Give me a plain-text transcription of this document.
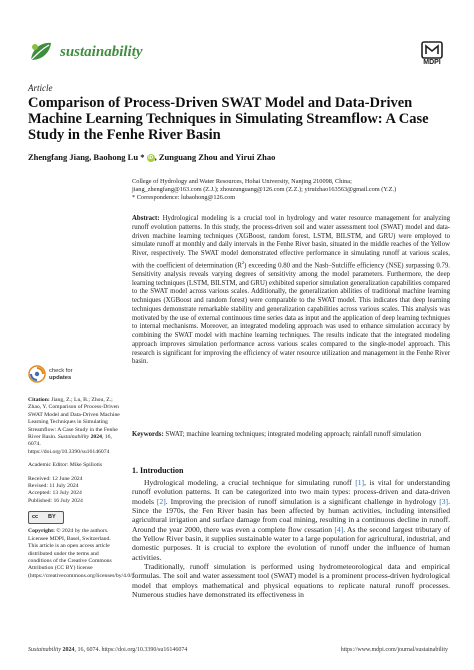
sustainability
MDPI
Article
Comparison of Process-Driven SWAT Model and Data-Driven Machine Learning Techniques in Simulating Streamflow: A Case Study in the Fenhe River Basin
Zhengfang Jiang, Baohong Lu * iD , Zunguang Zhou and Yirui Zhao
College of Hydrology and Water Resources, Hohai University, Nanjing 210098, China;
jiang_zhengfang@163.com (Z.J.); zhouzunguang@126.com (Z.Z.); yiruizhao163563@gmail.com (Y.Z.)
* Correspondence: lubaohong@126.com
Abstract: Hydrological modeling is a crucial tool in hydrology and water resource management for analyzing runoff evolution patterns. In this study, the process-driven soil and water assessment tool (SWAT) model and data-driven machine learning techniques (XGBoost, random forest, LSTM, BILSTM, and GRU) were employed to simulate runoff at monthly and daily intervals in the Fenhe River basin, situated in the middle reaches of the Yellow River, respectively. The SWAT model demonstrated effective performance in simulating runoff at various scales, with the coefficient of determination $(R^2)$ exceeding 0.80 and the Nash–Sutcliffe efficiency (NSE) surpassing 0.79. Sensitivity analysis reveals varying degrees of sensitivity among the model parameters. Furthermore, the deep learning techniques (LSTM, BILSTM, and GRU) exhibited superior simulation generalization capabilities compared to the SWAT model across various scales. Additionally, the generalization abilities of traditional machine learning techniques (XGBoost and random forest) were comparable to the SWAT model. This indicates that deep learning techniques demonstrate remarkable stability and generalization capabilities across various scales. This analysis was motivated by the use of external continuous time series data as input and the application of deep learning techniques to internal mechanisms. Moreover, an integrated modeling approach was used to enhance simulation accuracy by combining the SWAT model with machine learning techniques. The results indicate that the integrated modeling approach improves simulation performance across various scales compared to the single-model approach. This research is significant for improving the efficiency of water resource utilization and management in the Fenhe River basin.
Keywords: SWAT; machine learning techniques; integrated modeling approach; rainfall runoff simulation
check for
updates
Citation: Jiang, Z.; Lu, B.; Zhou, Z.; Zhao, Y. Comparison of Process-Driven SWAT Model and Data-Driven Machine Learning Techniques in Simulating Streamflow: A Case Study in the Fenhe River Basin. Sustainability 2024, 16, 6074. https://doi.org/10.3390/su16146074
Academic Editor: Mike Spiliotis
Received: 12 June 2024
Revised: 11 July 2024
Accepted: 13 July 2024
Published: 16 July 2024
cc BY
Copyright: © 2024 by the authors. Licensee MDPI, Basel, Switzerland. This article is an open access article distributed under the terms and conditions of the Creative Commons Attribution (CC BY) license (https://creativecommons.org/licenses/by/4.0/).
1. Introduction

Hydrological modeling, a crucial technique for simulating runoff [1], is vital for understanding runoff evolution patterns. It can be categorized into two main types: process-driven and data-driven models [2]. Improving the precision of runoff simulation is a significant challenge in hydrology [3]. Since the 1970s, the Fen River basin has been affected by human activities, including intensified agricultural irrigation and surface damage from coal mining, resulting in a continuous decline in runoff. Around the year 2000, there was even a complete flow cessation [4]. As the second largest tributary of the Yellow River basin, it supplies sustainable water to a large population for agricultural, industrial, and domestic purposes. It is crucial to explore the evolution of runoff under the influence of human activities.

Traditionally, runoff simulation is performed using hydrometeorological data and empirical formulas. The soil and water assessment tool (SWAT) model is a prominent process-driven hydrological model that employs mathematical and physical equations to replicate natural runoff processes. Numerous studies have demonstrated its effectiveness in

Sustainability 2024, 16, 6074. https://doi.org/10.3390/su16146074	https://www.mdpi.com/journal/sustainability
